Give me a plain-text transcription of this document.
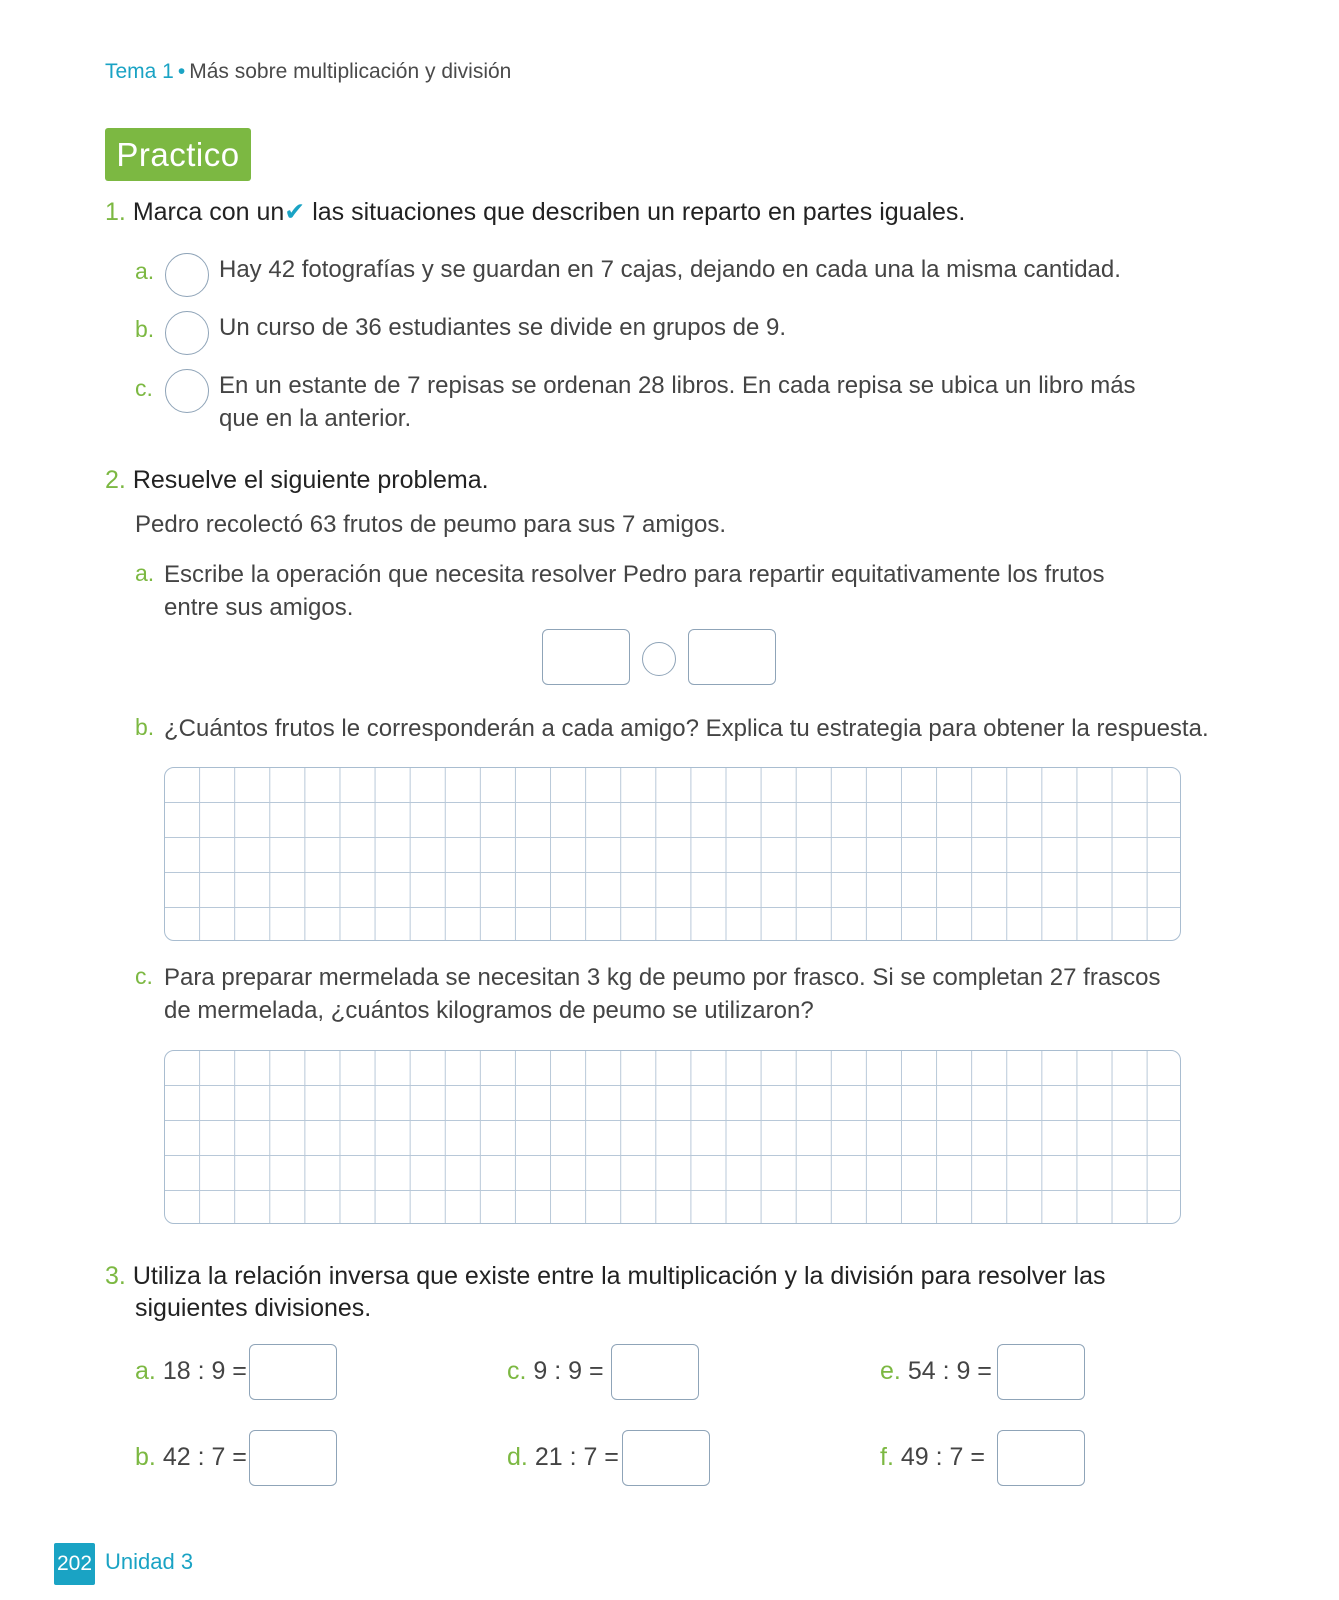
Tema 1 • Más sobre multiplicación y división
Practico
1. Marca con un✔ las situaciones que describen un reparto en partes iguales.
a.	Hay 42 fotografías y se guardan en 7 cajas, dejando en cada una la misma cantidad.
b.	Un curso de 36 estudiantes se divide en grupos de 9.
c.	En un estante de 7 repisas se ordenan 28 libros. En cada repisa se ubica un libro más
que en la anterior.
2. Resuelve el siguiente problema.
Pedro recolectó 63 frutos de peumo para sus 7 amigos.
a. Escribe la operación que necesita resolver Pedro para repartir equitativamente los frutos
entre sus amigos.
b. ¿Cuántos frutos le corresponderán a cada amigo? Explica tu estrategia para obtener la respuesta.
c. Para preparar mermelada se necesitan 3 kg de peumo por frasco. Si se completan 27 frascos
de mermelada, ¿cuántos kilogramos de peumo se utilizaron?
3. Utiliza la relación inversa que existe entre la multiplicación y la división para resolver las
siguientes divisiones.
a. 18 : 9 =	c. 9 : 9 =	e. 54 : 9 =
b. 42 : 7 =	d. 21 : 7 =	f. 49 : 7 =
202 Unidad 3
